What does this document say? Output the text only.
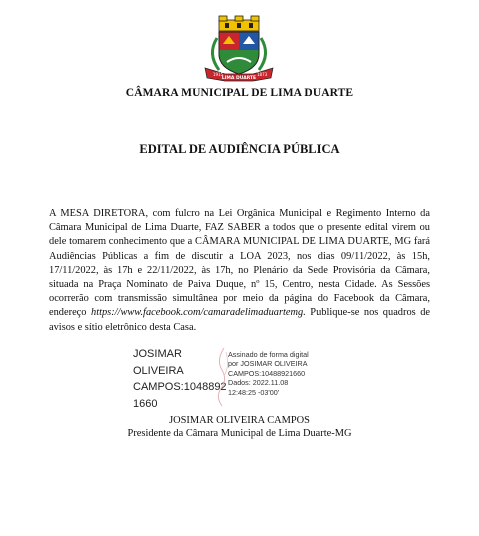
1915
LIMA DUARTE
1873
CÂMARA MUNICIPAL DE LIMA DUARTE
EDITAL DE AUDIÊNCIA PÚBLICA
A MESA DIRETORA, com fulcro na Lei Orgânica Municipal e Regimento Interno da Câmara Municipal de Lima Duarte, FAZ SABER a todos que o presente edital virem ou dele tomarem conhecimento que a CÂMARA MUNICIPAL DE LIMA DUARTE, MG fará Audiências Públicas a fim de discutir a LOA 2023, nos dias 09/11/2022, às 15h, 17/11/2022, às 17h e 22/11/2022, às 17h, no Plenário da Sede Provisória da Câmara, situada na Praça Nominato de Paiva Duque, nº 15, Centro, nesta Cidade. As Sessões ocorrerão com transmissão simultânea por meio da página do Facebook da Câmara, endereço https://www.facebook.com/camaradelimaduartemg. Publique-se nos quadros de avisos e sítio eletrônico desta Casa.
JOSIMAR
OLIVEIRA
CAMPOS:1048892
1660
Assinado de forma digital
por JOSIMAR OLIVEIRA
CAMPOS:10488921660
Dados: 2022.11.08
12:48:25 -03'00'
JOSIMAR OLIVEIRA CAMPOS
Presidente da Câmara Municipal de Lima Duarte-MG
